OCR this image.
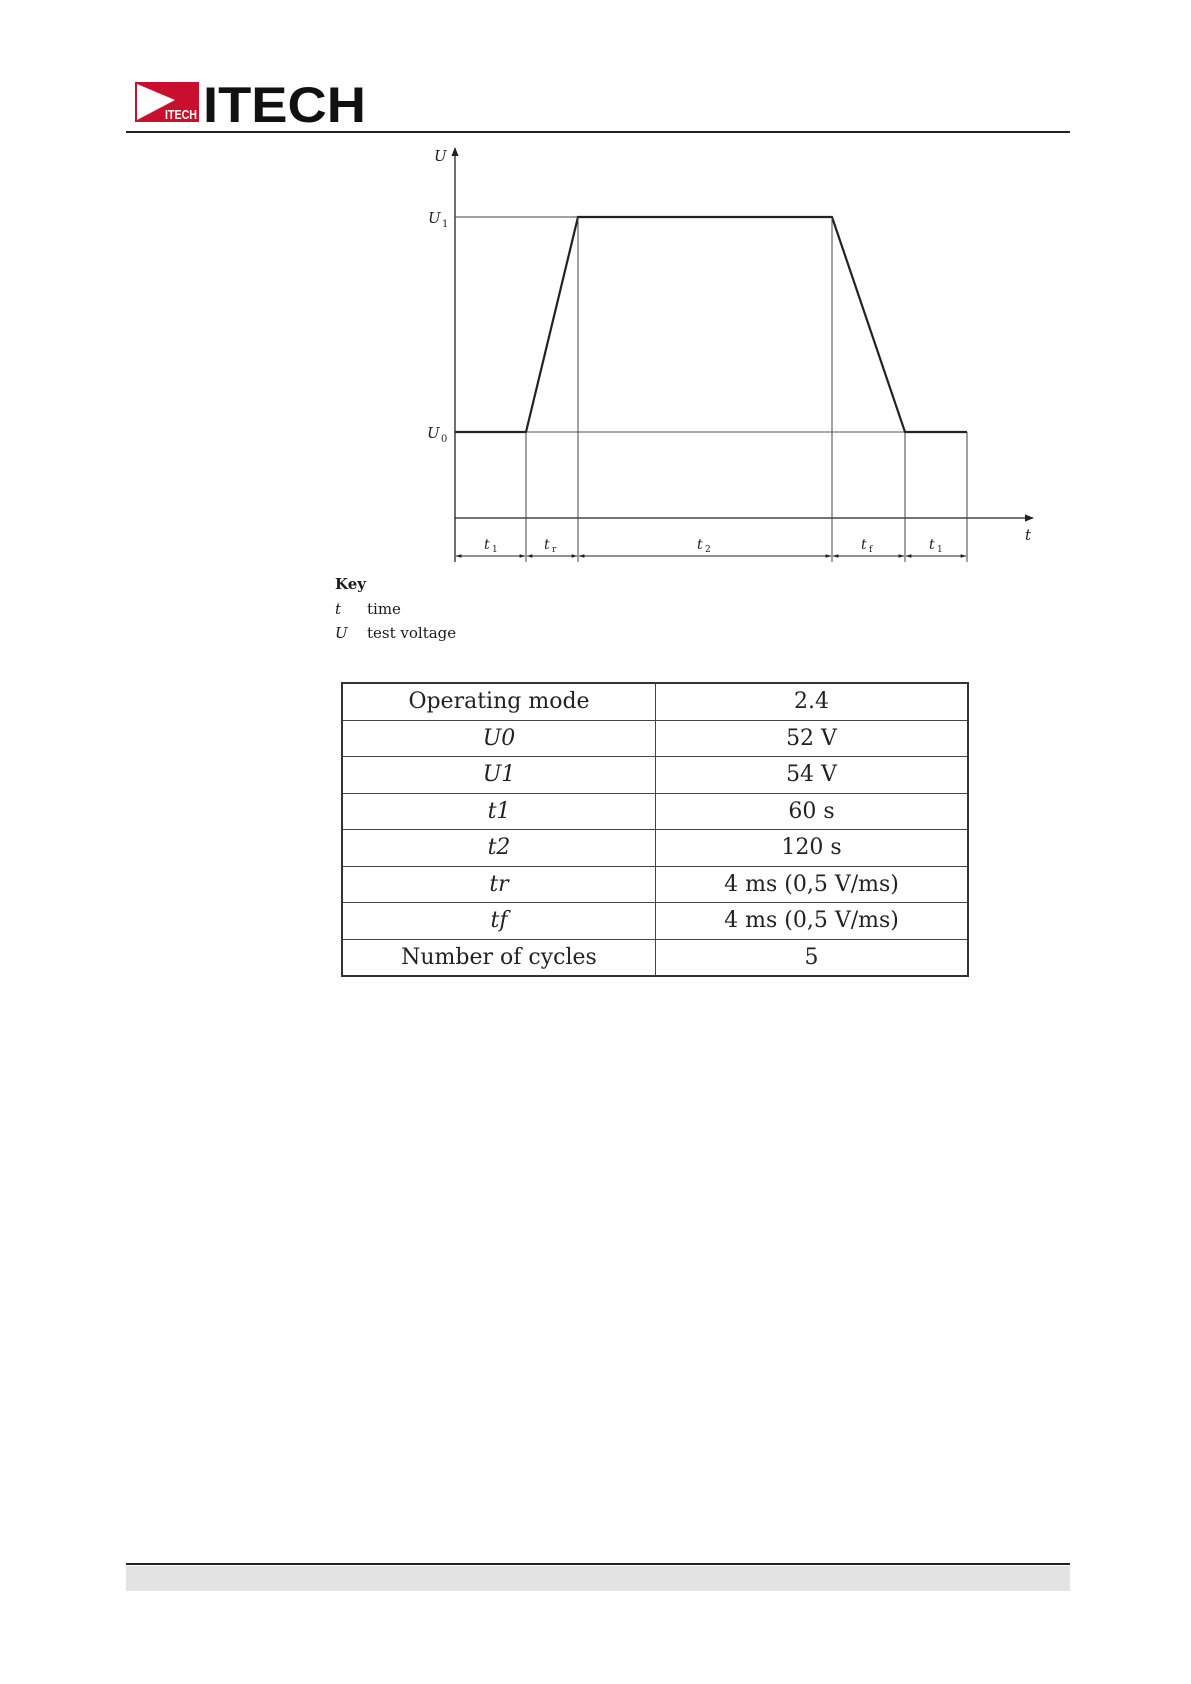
ITECH ITECH
U
t
U 1
U 0
t 1	t r	t 2	t f	t 1
Key
t time
U test voltage
Operating mode	2.4
U0	52 V
U1	54 V
t1	60 s
t2	120 s
tr	4 ms (0,5 V/ms)
tf	4 ms (0,5 V/ms)
Number of cycles	5
